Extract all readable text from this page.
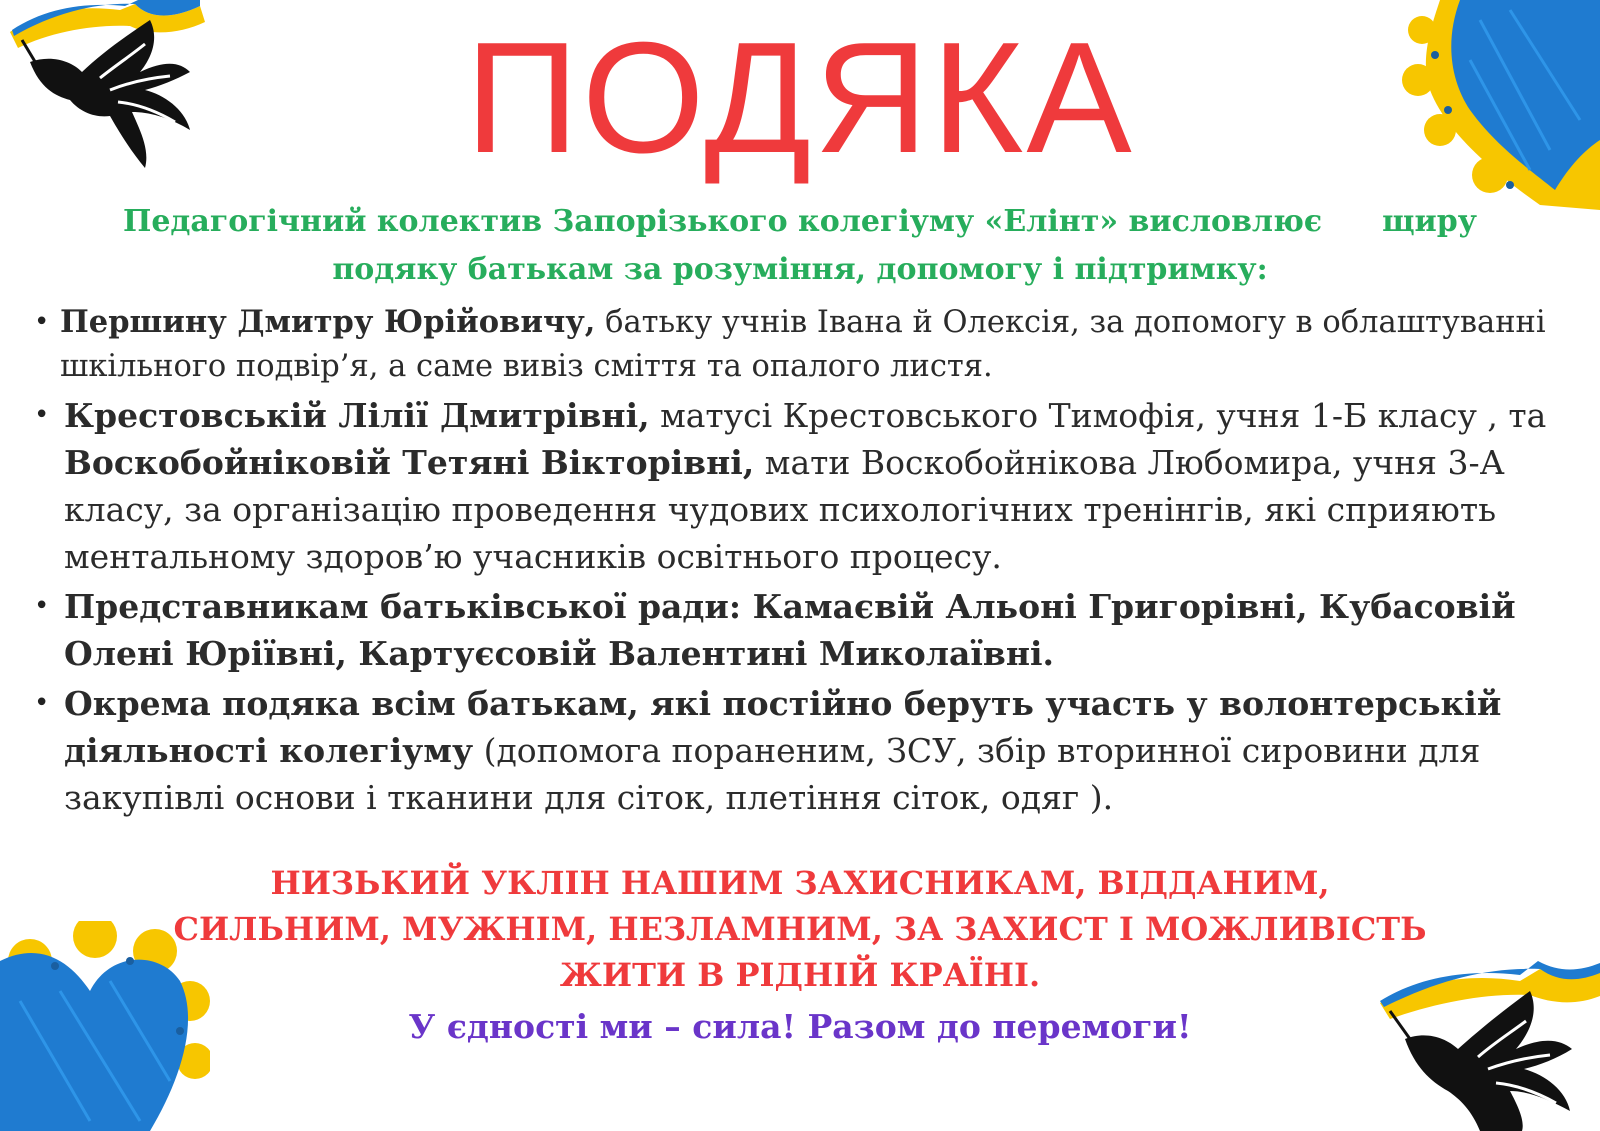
ПОДЯКА
Педагогічний колектив Запорізького колегіуму «Елінт» висловлює щиру
подяку батькам за розуміння, допомогу і підтримку:
• Першину Дмитру Юрійовичу, батьку учнів Івана й Олексія, за допомогу в облаштуванні шкільного подвір’я, а саме вивіз сміття та опалого листя.
• Крестовській Лілії Дмитрівні, матусі Крестовського Тимофія, учня 1-Б класу , та Воскобойніковій Тетяні Вікторівні, мати Воскобойнікова Любомира, учня 3-А класу, за організацію проведення чудових психологічних тренінгів, які сприяють ментальному здоров’ю учасників освітнього процесу.
• Представникам батьківської ради: Камаєвій Альоні Григорівні, Кубасовій Олені Юріївні, Картуєсовій Валентині Миколаївні.
• Окрема подяка всім батькам, які постійно беруть участь у волонтерській діяльності колегіуму (допомога пораненим, ЗСУ, збір вторинної сировини для закупівлі основи і тканини для сіток, плетіння сіток, одяг ).
НИЗЬКИЙ УКЛІН НАШИМ ЗАХИСНИКАМ, ВІДДАНИМ,
СИЛЬНИМ, МУЖНІМ, НЕЗЛАМНИМ, ЗА ЗАХИСТ І МОЖЛИВІСТЬ
ЖИТИ В РІДНІЙ КРАЇНІ.
У єдності ми – сила! Разом до перемоги!
